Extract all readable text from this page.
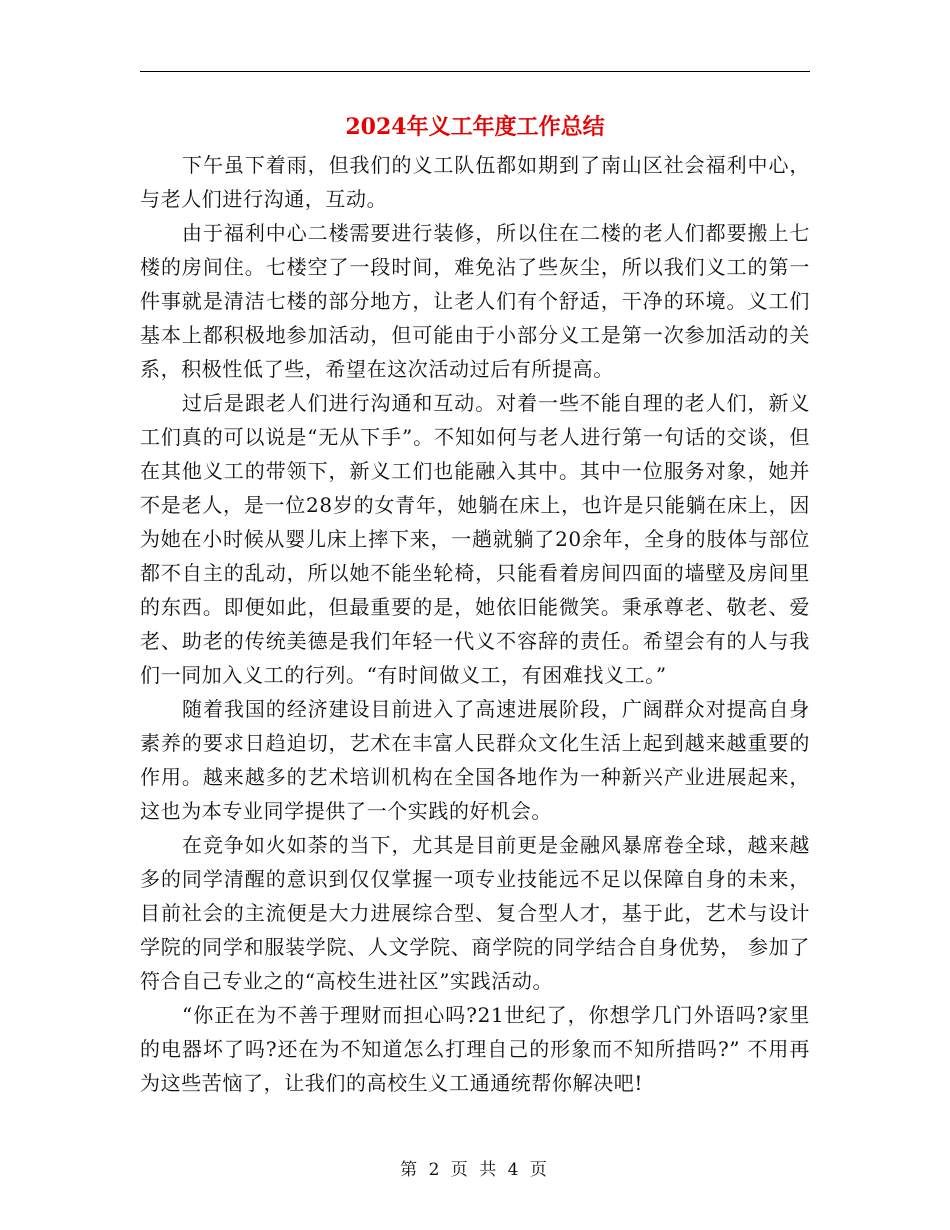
2024年义工年度工作总结

下午虽下着雨，但我们的义工队伍都如期到了南山区社会福利中心，与老人们进行沟通，互动。

由于福利中心二楼需要进行装修，所以住在二楼的老人们都要搬上七楼的房间住。七楼空了一段时间，难免沾了些灰尘，所以我们义工的第一件事就是清洁七楼的部分地方，让老人们有个舒适，干净的环境。义工们基本上都积极地参加活动，但可能由于小部分义工是第一次参加活动的关系，积极性低了些，希望在这次活动过后有所提高。

过后是跟老人们进行沟通和互动。对着一些不能自理的老人们，新义工们真的可以说是“无从下手”。不知如何与老人进行第一句话的交谈，但在其他义工的带领下，新义工们也能融入其中。其中一位服务对象，她并不是老人，是一位28岁的女青年，她躺在床上，也许是只能躺在床上，因为她在小时候从婴儿床上摔下来，一趟就躺了20余年，全身的肢体与部位都不自主的乱动，所以她不能坐轮椅，只能看着房间四面的墙壁及房间里的东西。即便如此，但最重要的是，她依旧能微笑。秉承尊老、敬老、爱老、助老的传统美德是我们年轻一代义不容辞的责任。希望会有的人与我们一同加入义工的行列。“有时间做义工，有困难找义工。”

随着我国的经济建设目前进入了高速进展阶段，广阔群众对提高自身素养的要求日趋迫切，艺术在丰富人民群众文化生活上起到越来越重要的作用。越来越多的艺术培训机构在全国各地作为一种新兴产业进展起来，这也为本专业同学提供了一个实践的好机会。

在竞争如火如荼的当下，尤其是目前更是金融风暴席卷全球，越来越多的同学清醒的意识到仅仅掌握一项专业技能远不足以保障自身的未来，目前社会的主流便是大力进展综合型、复合型人才，基于此，艺术与设计学院的同学和服装学院、人文学院、商学院的同学结合自身优势， 参加了符合自己专业之的“高校生进社区”实践活动。

“你正在为不善于理财而担心吗?21世纪了，你想学几门外语吗?家里的电器坏了吗?还在为不知道怎么打理自己的形象而不知所措吗?” 不用再为这些苦恼了，让我们的高校生义工通通统帮你解决吧!

第 2 页 共 4 页
